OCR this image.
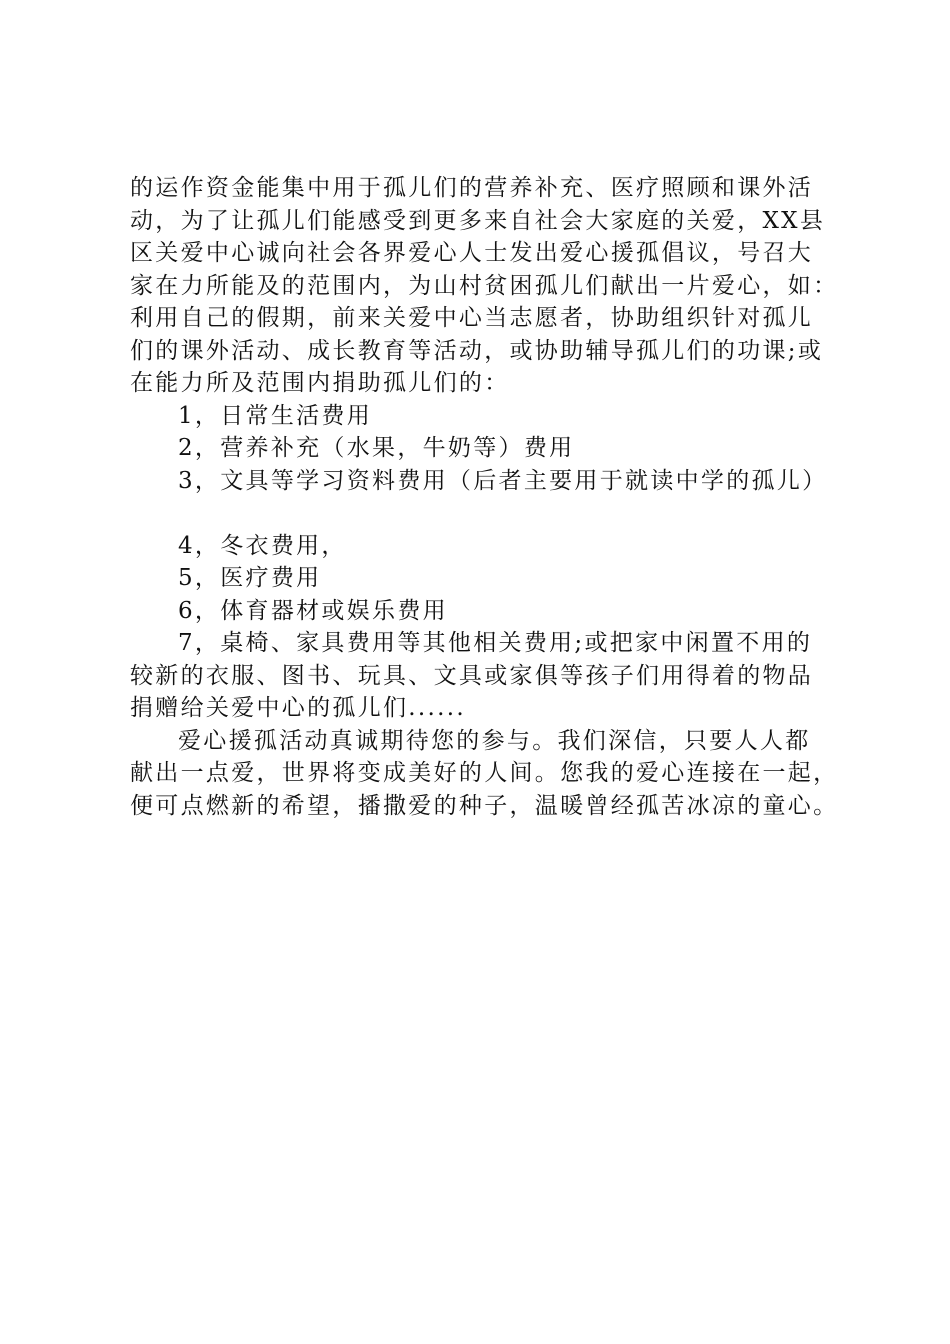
的运作资金能集中用于孤儿们的营养补充、医疗照顾和课外活
动，为了让孤儿们能感受到更多来自社会大家庭的关爱，XX县
区关爱中心诚向社会各界爱心人士发出爱心援孤倡议，号召大
家在力所能及的范围内，为山村贫困孤儿们献出一片爱心，如：
利用自己的假期，前来关爱中心当志愿者，协助组织针对孤儿
们的课外活动、成长教育等活动，或协助辅导孤儿们的功课;或
在能力所及范围内捐助孤儿们的：
1，日常生活费用
2，营养补充（水果，牛奶等）费用
3，文具等学习资料费用（后者主要用于就读中学的孤儿）
4，冬衣费用，
5，医疗费用
6，体育器材或娱乐费用
7，桌椅、家具费用等其他相关费用;或把家中闲置不用的
较新的衣服、图书、玩具、文具或家俱等孩子们用得着的物品
捐赠给关爱中心的孤儿们......
爱心援孤活动真诚期待您的参与。我们深信，只要人人都
献出一点爱，世界将变成美好的人间。您我的爱心连接在一起，
便可点燃新的希望，播撒爱的种子，温暖曾经孤苦冰凉的童心。
